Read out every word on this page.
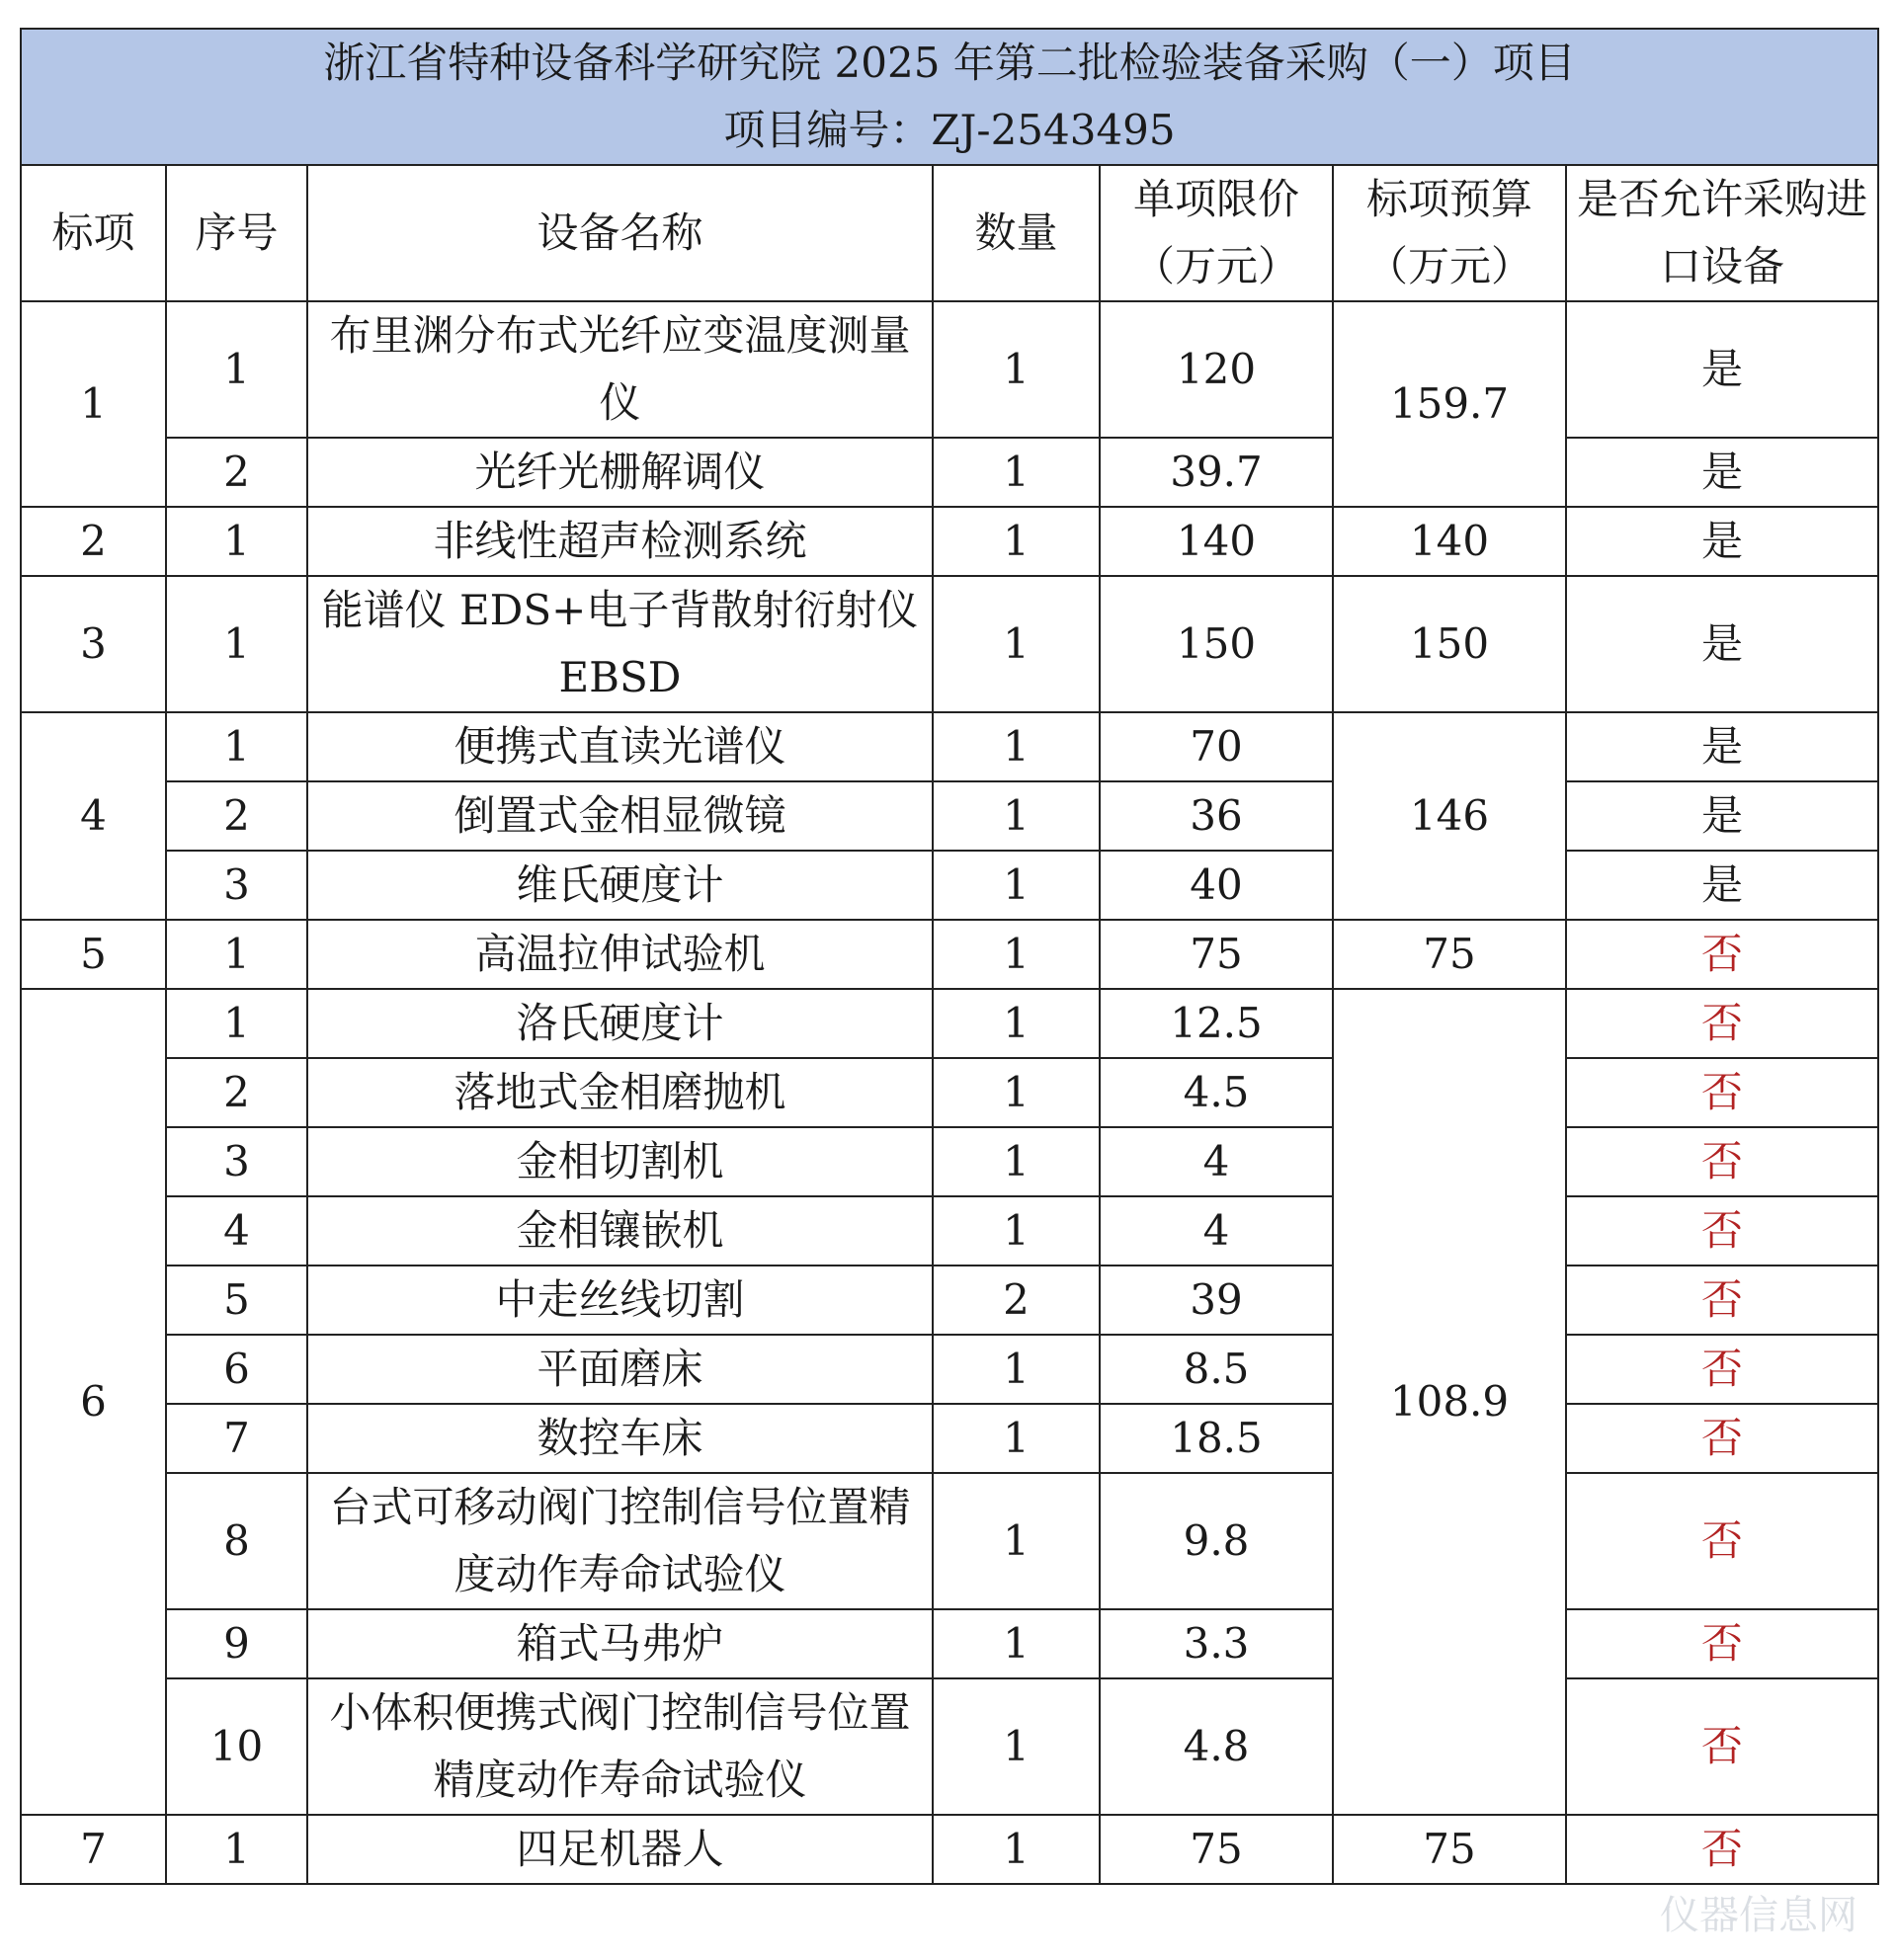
浙江省特种设备科学研究院 2025 年第二批检验装备采购（一）项目
项目编号：ZJ-2543495						

标项	序号	设备名称	数量	单项限价（万元）	标项预算（万元）	是否允许采购进口设备
1	1	布里渊分布式光纤应变温度测量仪	1	120	159.7	是
	2	光纤光栅解调仪	1	39.7		是
2	1	非线性超声检测系统	1	140	140	是
3	1	能谱仪 EDS+电子背散射衍射仪 EBSD	1	150	150	是
4	1	便携式直读光谱仪	1	70	146	是
	2	倒置式金相显微镜	1	36		是
	3	维氏硬度计	1	40		是
5	1	高温拉伸试验机	1	75	75	否
6	1	洛氏硬度计	1	12.5	108.9	否
	2	落地式金相磨抛机	1	4.5		否
	3	金相切割机	1	4		否
	4	金相镶嵌机	1	4		否
	5	中走丝线切割	2	39		否
	6	平面磨床	1	8.5		否
	7	数控车床	1	18.5		否
	8	台式可移动阀门控制信号位置精度动作寿命试验仪	1	9.8		否
	9	箱式马弗炉	1	3.3		否
	10	小体积便携式阀门控制信号位置精度动作寿命试验仪	1	4.8		否
7	1	四足机器人	1	75	75	否
仪器信息网
